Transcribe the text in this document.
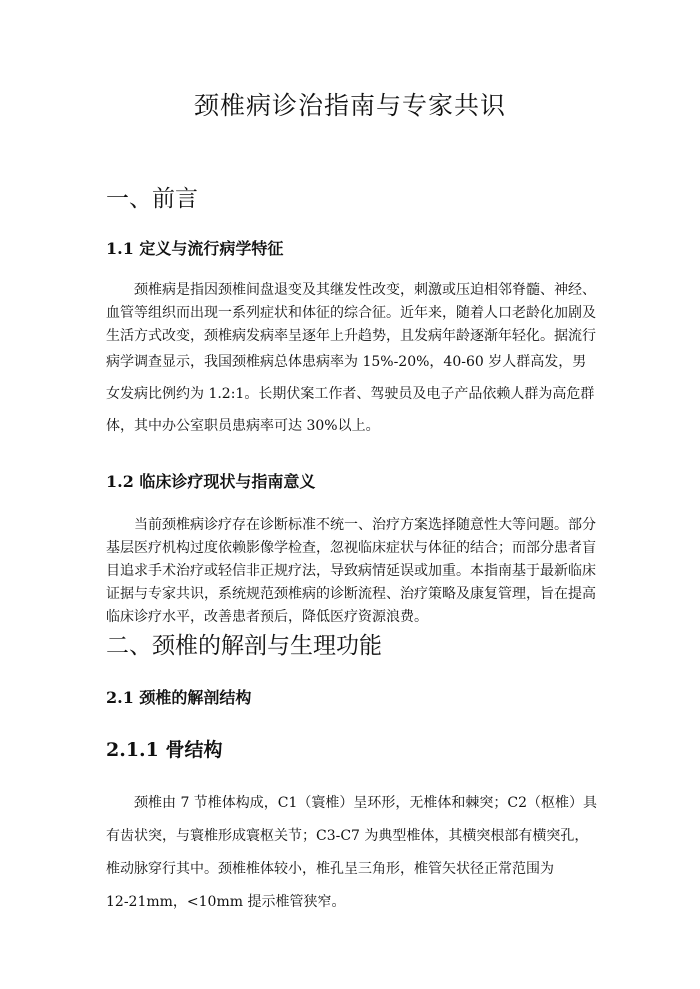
颈椎病诊治指南与专家共识
一、前言
1.1 定义与流行病学特征
颈椎病是指因颈椎间盘退变及其继发性改变，刺激或压迫相邻脊髓、神经、
血管等组织而出现一系列症状和体征的综合征。近年来，随着人口老龄化加剧及
生活方式改变，颈椎病发病率呈逐年上升趋势，且发病年龄逐渐年轻化。据流行
病学调查显示，我国颈椎病总体患病率为 15%-20%，40-60 岁人群高发，男
女发病比例约为 1.2:1。长期伏案工作者、驾驶员及电子产品依赖人群为高危群
体，其中办公室职员患病率可达 30%以上。
1.2 临床诊疗现状与指南意义
当前颈椎病诊疗存在诊断标准不统一、治疗方案选择随意性大等问题。部分
基层医疗机构过度依赖影像学检查，忽视临床症状与体征的结合；而部分患者盲
目追求手术治疗或轻信非正规疗法，导致病情延误或加重。本指南基于最新临床
证据与专家共识，系统规范颈椎病的诊断流程、治疗策略及康复管理，旨在提高
临床诊疗水平，改善患者预后，降低医疗资源浪费。
二、颈椎的解剖与生理功能
2.1 颈椎的解剖结构
2.1.1 骨结构
颈椎由 7 节椎体构成，C1（寰椎）呈环形，无椎体和棘突；C2（枢椎）具
有齿状突，与寰椎形成寰枢关节；C3-C7 为典型椎体，其横突根部有横突孔，
椎动脉穿行其中。颈椎椎体较小，椎孔呈三角形，椎管矢状径正常范围为
12-21mm，<10mm 提示椎管狭窄。
